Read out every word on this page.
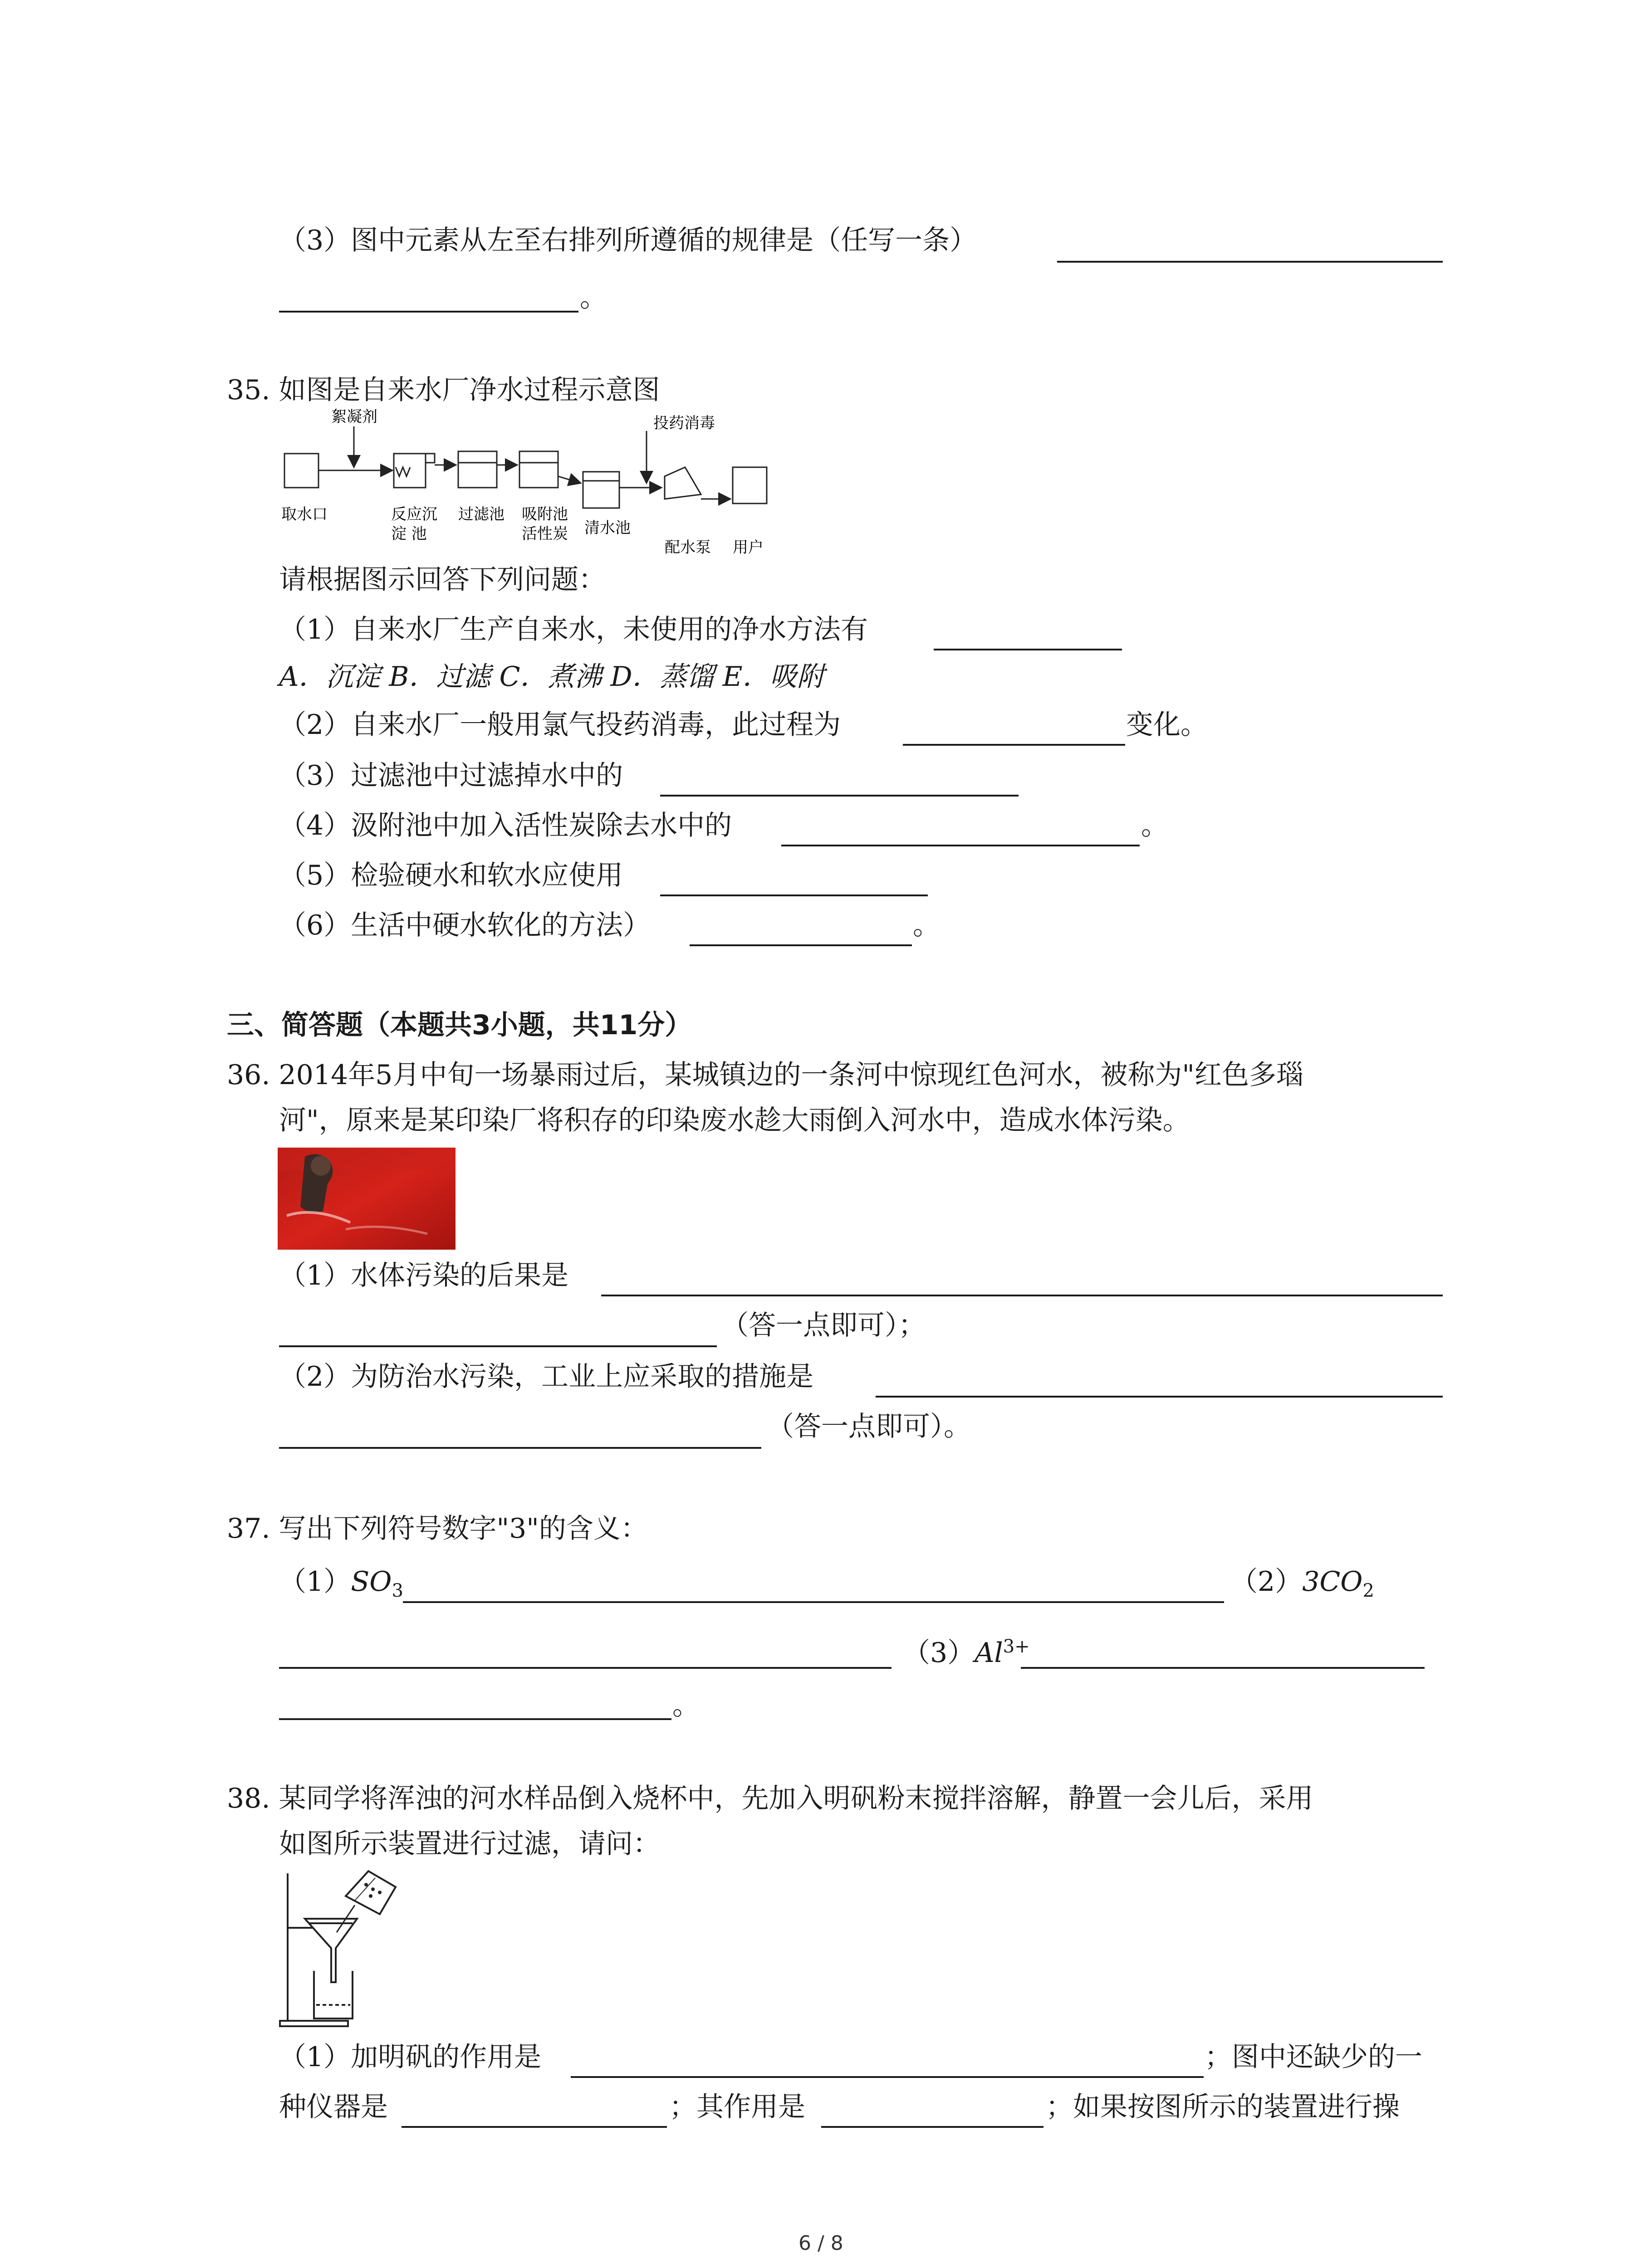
（3）图中元素从左至右排列所遵循的规律是（任写一条）
。
35. 如图是自来水厂净水过程示意图
絮凝剂	投药消毒
取水口	反应沉
淀 池
过滤池 吸附池
活性炭 清水池
配水泵 用户
请根据图示回答下列问题：
（1）自来水厂生产自来水，未使用的净水方法有
A．沉淀 B．过滤 C．煮沸 D．蒸馏 E．吸附
（2）自来水厂一般用氯气投药消毒，此过程为	变化。
（3）过滤池中过滤掉水中的
（4）汲附池中加入活性炭除去水中的	。
（5）检验硬水和软水应使用
（6）生活中硬水软化的方法）	。
三、简答题（本题共3小题，共11分）
36. 2014年5月中旬一场暴雨过后，某城镇边的一条河中惊现红色河水，被称为"红色多瑙
河"，原来是某印染厂将积存的印染废水趁大雨倒入河水中，造成水体污染。
（1）水体污染的后果是
（答一点即可）；
（2）为防治水污染，工业上应采取的措施是
（答一点即可）。
37. 写出下列符号数字"3"的含义：
$(1)SO_3$	$(2)3CO_2$
$(3)Al^{3+}$
。
38. 某同学将浑浊的河水样品倒入烧杯中，先加入明矾粉末搅拌溶解，静置一会儿后，采用
如图所示装置进行过滤，请问：
（1）加明矾的作用是	；图中还缺少的一
种仪器是	；其作用是	；如果按图所示的装置进行操
6 / 8
